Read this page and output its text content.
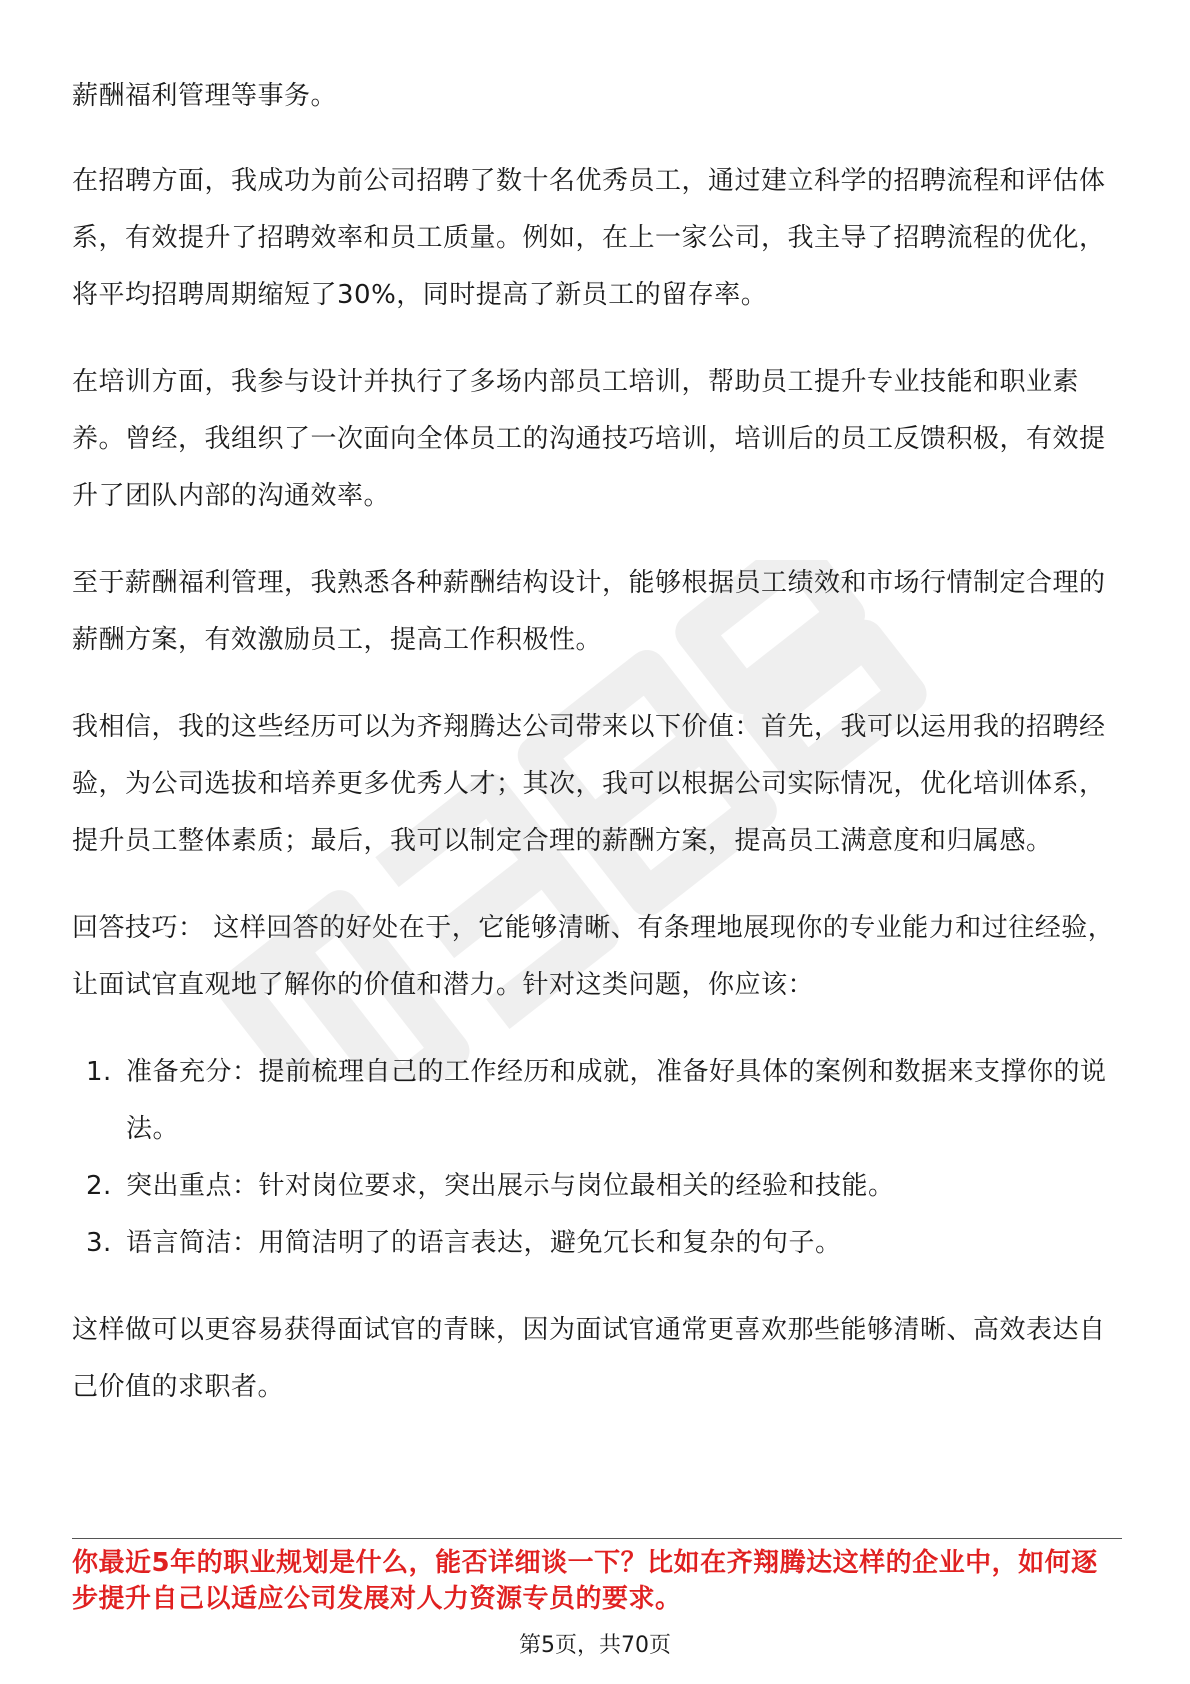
薪酬福利管理等事务。

在招聘方面，我成功为前公司招聘了数十名优秀员工，通过建立科学的招聘流程和评估体系，有效提升了招聘效率和员工质量。例如，在上一家公司，我主导了招聘流程的优化，将平均招聘周期缩短了30%，同时提高了新员工的留存率。

在培训方面，我参与设计并执行了多场内部员工培训，帮助员工提升专业技能和职业素养。曾经，我组织了一次面向全体员工的沟通技巧培训，培训后的员工反馈积极，有效提升了团队内部的沟通效率。

至于薪酬福利管理，我熟悉各种薪酬结构设计，能够根据员工绩效和市场行情制定合理的薪酬方案，有效激励员工，提高工作积极性。

我相信，我的这些经历可以为齐翔腾达公司带来以下价值：首先，我可以运用我的招聘经验，为公司选拔和培养更多优秀人才；其次，我可以根据公司实际情况，优化培训体系，提升员工整体素质；最后，我可以制定合理的薪酬方案，提高员工满意度和归属感。

回答技巧： 这样回答的好处在于，它能够清晰、有条理地展现你的专业能力和过往经验，让面试官直观地了解你的价值和潜力。针对这类问题，你应该：

1. 准备充分：提前梳理自己的工作经历和成就，准备好具体的案例和数据来支撑你的说法。
2. 突出重点：针对岗位要求，突出展示与岗位最相关的经验和技能。
3. 语言简洁：用简洁明了的语言表达，避免冗长和复杂的句子。

这样做可以更容易获得面试官的青睐，因为面试官通常更喜欢那些能够清晰、高效表达自己价值的求职者。

你最近5年的职业规划是什么，能否详细谈一下？比如在齐翔腾达这样的企业中，如何逐步提升自己以适应公司发展对人力资源专员的要求。
第5页，共70页
